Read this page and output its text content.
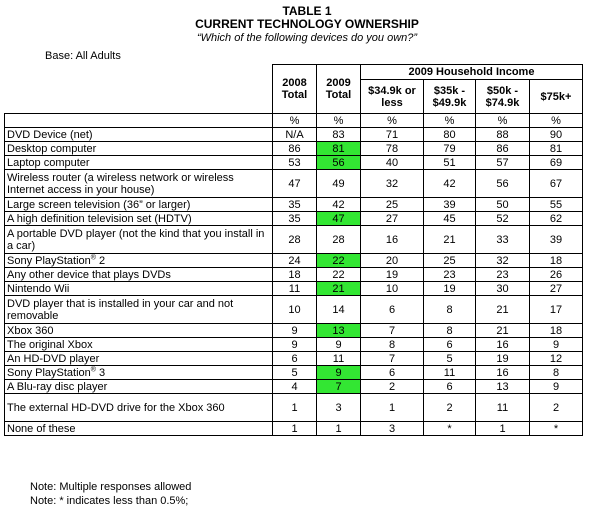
TABLE 1
CURRENT TECHNOLOGY OWNERSHIP
“Which of the following devices do you own?”
Base: All Adults
	2008 Total	2009 Total	2009 Household Income			
			$34.9k or less	$35k - $49.9k	$50k - $74.9k	$75k+
	%	%	%	%	%	%
DVD Device (net)	N/A	83	71	80	88	90
Desktop computer	86	81	78	79	86	81
Laptop computer	53	56	40	51	57	69
Wireless router (a wireless network or wireless Internet access in your house)	47	49	32	42	56	67
Large screen television (36” or larger)	35	42	25	39	50	55
A high definition television set (HDTV)	35	47	27	45	52	62
A portable DVD player (not the kind that you install in a car)	28	28	16	21	33	39
Sony PlayStation® 2	24	22	20	25	32	18
Any other device that plays DVDs	18	22	19	23	23	26
Nintendo Wii	11	21	10	19	30	27
DVD player that is installed in your car and not removable	10	14	6	8	21	17
Xbox 360	9	13	7	8	21	18
The original Xbox	9	9	8	6	16	9
An HD-DVD player	6	11	7	5	19	12
Sony PlayStation® 3	5	9	6	11	16	8
A Blu-ray disc player	4	7	2	6	13	9
The external HD-DVD drive for the Xbox 360	1	3	1	2	11	2
None of these	1	1	3	*	1	*
Note: Multiple responses allowed
Note: * indicates less than 0.5%;
